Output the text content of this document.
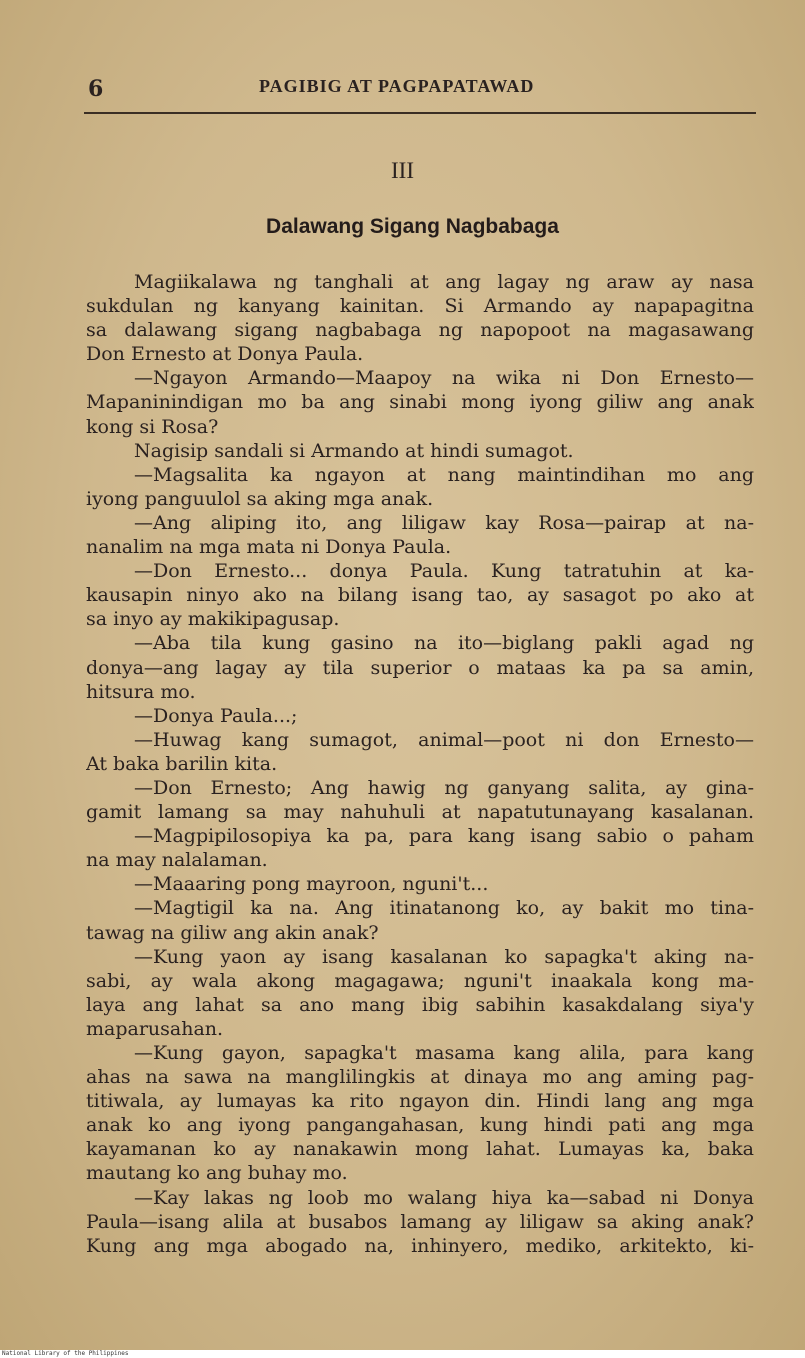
6	PAGIBIG AT PAGPAPATAWAD
III
Dalawang Sigang Nagbabaga
Magiikalawa ng tanghali at ang lagay ng araw ay nasa
sukdulan ng kanyang kainitan. Si Armando ay napapagitna
sa dalawang sigang nagbabaga ng napopoot na magasawang
Don Ernesto at Donya Paula.
—Ngayon Armando—Maapoy na wika ni Don Ernesto—
Mapaninindigan mo ba ang sinabi mong iyong giliw ang anak
kong si Rosa?
Nagisip sandali si Armando at hindi sumagot.
—Magsalita ka ngayon at nang maintindihan mo ang
iyong panguulol sa aking mga anak.
—Ang aliping ito, ang liligaw kay Rosa—pairap at na-
nanalim na mga mata ni Donya Paula.
—Don Ernesto... donya Paula. Kung tatratuhin at ka-
kausapin ninyo ako na bilang isang tao, ay sasagot po ako at
sa inyo ay makikipagusap.
—Aba tila kung gasino na ito—biglang pakli agad ng
donya—ang lagay ay tila superior o mataas ka pa sa amin,
hitsura mo.
—Donya Paula...;
—Huwag kang sumagot, animal—poot ni don Ernesto—
At baka barilin kita.
—Don Ernesto; Ang hawig ng ganyang salita, ay gina-
gamit lamang sa may nahuhuli at napatutunayang kasalanan.
—Magpipilosopiya ka pa, para kang isang sabio o paham
na may nalalaman.
—Maaaring pong mayroon, nguni't...
—Magtigil ka na. Ang itinatanong ko, ay bakit mo tina-
tawag na giliw ang akin anak?
—Kung yaon ay isang kasalanan ko sapagka't aking na-
sabi, ay wala akong magagawa; nguni't inaakala kong ma-
laya ang lahat sa ano mang ibig sabihin kasakdalang siya'y
maparusahan.
—Kung gayon, sapagka't masama kang alila, para kang
ahas na sawa na manglilingkis at dinaya mo ang aming pag-
titiwala, ay lumayas ka rito ngayon din. Hindi lang ang mga
anak ko ang iyong pangangahasan, kung hindi pati ang mga
kayamanan ko ay nanakawin mong lahat. Lumayas ka, baka
mautang ko ang buhay mo.
—Kay lakas ng loob mo walang hiya ka—sabad ni Donya
Paula—isang alila at busabos lamang ay liligaw sa aking anak?
Kung ang mga abogado na, inhinyero, mediko, arkitekto, ki-
National Library of the Philippines
